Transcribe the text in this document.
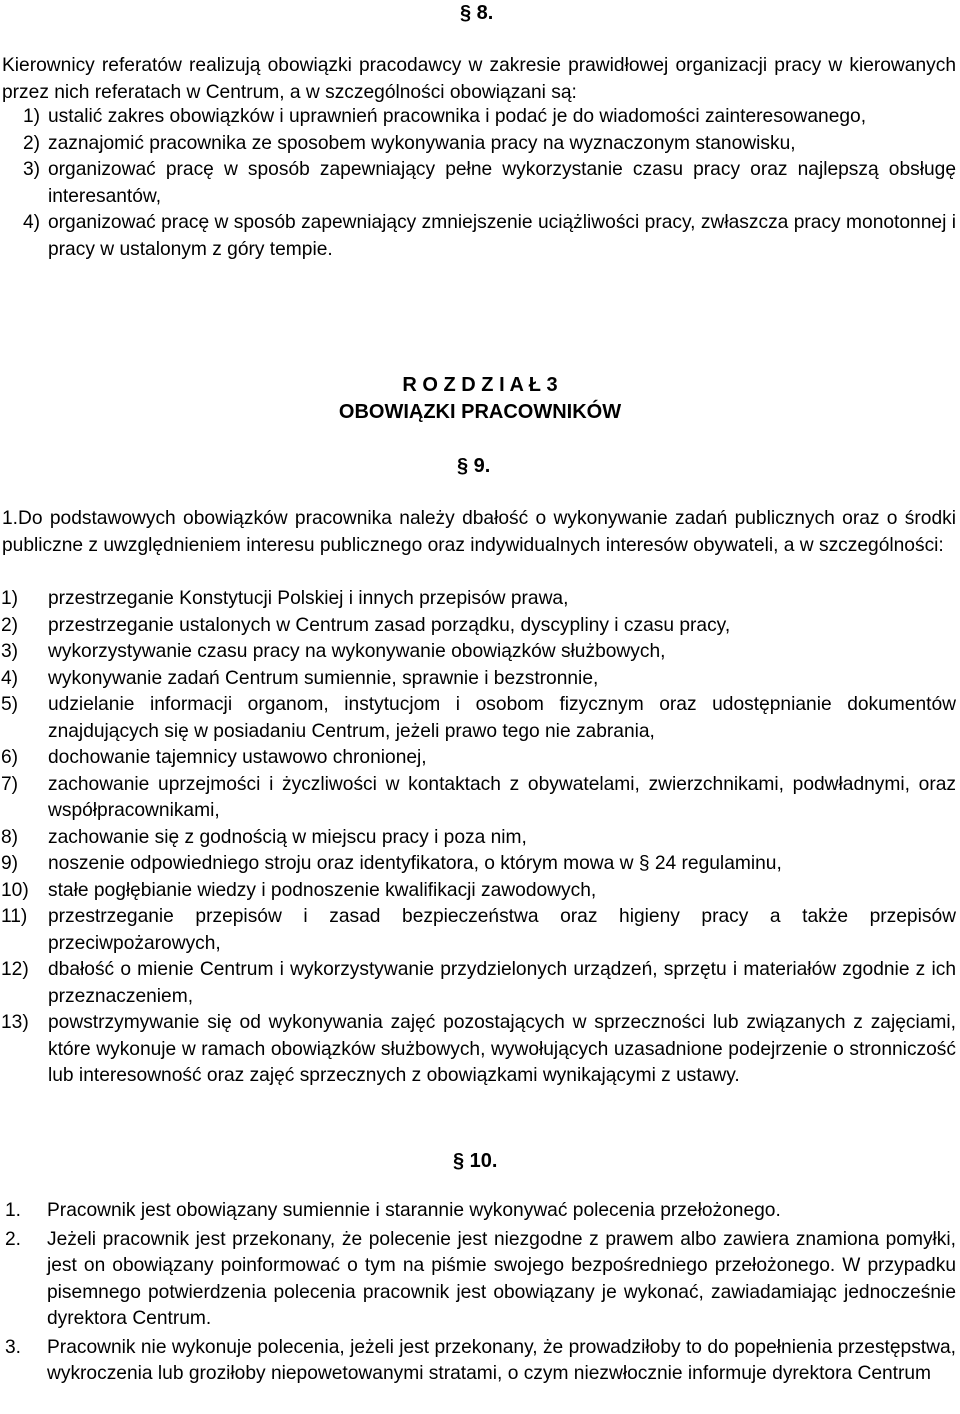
§ 8.
Kierownicy referatów realizują obowiązki pracodawcy w zakresie prawidłowej organizacji pracy w kierowanych przez nich referatach w Centrum, a w szczególności obowiązani są:
1) ustalić zakres obowiązków i uprawnień pracownika i podać je do wiadomości zainteresowanego,
2) zaznajomić pracownika ze sposobem wykonywania pracy na wyznaczonym stanowisku,
3) organizować pracę w sposób zapewniający pełne wykorzystanie czasu pracy oraz najlepszą obsługę interesantów,
4) organizować pracę w sposób zapewniający zmniejszenie uciążliwości pracy, zwłaszcza pracy monotonnej i pracy w ustalonym z góry tempie.
R O Z D Z I A Ł 3
OBOWIĄZKI PRACOWNIKÓW
§ 9.
1.Do podstawowych obowiązków pracownika należy dbałość o wykonywanie zadań publicznych oraz o środki publiczne z uwzględnieniem interesu publicznego oraz indywidualnych interesów obywateli, a w szczególności:
1)	przestrzeganie Konstytucji Polskiej i innych przepisów prawa,
2)	przestrzeganie ustalonych w Centrum zasad porządku, dyscypliny i czasu pracy,
3)	wykorzystywanie czasu pracy na wykonywanie obowiązków służbowych,
4)	wykonywanie zadań Centrum sumiennie, sprawnie i bezstronnie,
5)	udzielanie informacji organom, instytucjom i osobom fizycznym oraz udostępnianie dokumentów znajdujących się w posiadaniu Centrum, jeżeli prawo tego nie zabrania,
6)	dochowanie tajemnicy ustawowo chronionej,
7)	zachowanie uprzejmości i życzliwości w kontaktach z obywatelami, zwierzchnikami, podwładnymi, oraz współpracownikami,
8)	zachowanie się z godnością w miejscu pracy i poza nim,
9)	noszenie odpowiedniego stroju oraz identyfikatora, o którym mowa w § 24 regulaminu,
10)	stałe pogłębianie wiedzy i podnoszenie kwalifikacji zawodowych,
11)	przestrzeganie przepisów i zasad bezpieczeństwa oraz higieny pracy a także przepisów przeciwpożarowych,
12)	dbałość o mienie Centrum i wykorzystywanie przydzielonych urządzeń, sprzętu i materiałów zgodnie z ich przeznaczeniem,
13)	powstrzymywanie się od wykonywania zajęć pozostających w sprzeczności lub związanych z zajęciami, które wykonuje w ramach obowiązków służbowych, wywołujących uzasadnione podejrzenie o stronniczość lub interesowność oraz zajęć sprzecznych z obowiązkami wynikającymi z ustawy.
§ 10.
1.	Pracownik jest obowiązany sumiennie i starannie wykonywać polecenia przełożonego.
2.	Jeżeli pracownik jest przekonany, że polecenie jest niezgodne z prawem albo zawiera znamiona pomyłki, jest on obowiązany poinformować o tym na piśmie swojego bezpośredniego przełożonego. W przypadku pisemnego potwierdzenia polecenia pracownik jest obowiązany je wykonać, zawiadamiając jednocześnie dyrektora Centrum.
3.	Pracownik nie wykonuje polecenia, jeżeli jest przekonany, że prowadziłoby to do popełnienia przestępstwa, wykroczenia lub groziłoby niepowetowanymi stratami, o czym niezwłocznie informuje dyrektora Centrum
